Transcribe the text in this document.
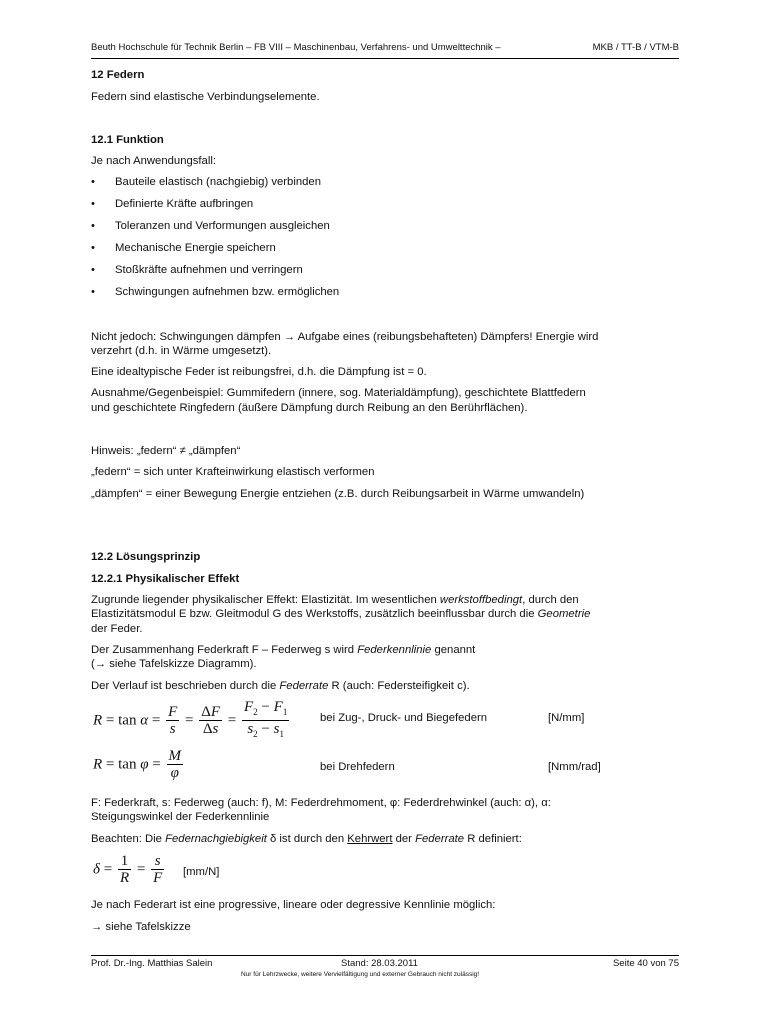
Beuth Hochschule für Technik Berlin – FB VIII – Maschinenbau, Verfahrens- und Umwelttechnik –	MKB / TT-B / VTM-B
12 Federn
Federn sind elastische Verbindungselemente.
12.1 Funktion
Je nach Anwendungsfall:
• Bauteile elastisch (nachgiebig) verbinden
• Definierte Kräfte aufbringen
• Toleranzen und Verformungen ausgleichen
• Mechanische Energie speichern
• Stoßkräfte aufnehmen und verringern
• Schwingungen aufnehmen bzw. ermöglichen
Nicht jedoch: Schwingungen dämpfen → Aufgabe eines (reibungsbehafteten) Dämpfers! Energie wird
verzehrt (d.h. in Wärme umgesetzt).
Eine idealtypische Feder ist reibungsfrei, d.h. die Dämpfung ist = 0.
Ausnahme/Gegenbeispiel: Gummifedern (innere, sog. Materialdämpfung), geschichtete Blattfedern
und geschichtete Ringfedern (äußere Dämpfung durch Reibung an den Berührflächen).
Hinweis: „federn“ ≠ „dämpfen“
„federn“ = sich unter Krafteinwirkung elastisch verformen
„dämpfen“ = einer Bewegung Energie entziehen (z.B. durch Reibungsarbeit in Wärme umwandeln)
12.2 Lösungsprinzip
12.2.1 Physikalischer Effekt
Zugrunde liegender physikalischer Effekt: Elastizität. Im wesentlichen werkstoffbedingt, durch den
Elastizitätsmodul E bzw. Gleitmodul G des Werkstoffs, zusätzlich beeinflussbar durch die Geometrie
der Feder.
Der Zusammenhang Federkraft F – Federweg s wird Federkennlinie genannt
(→ siehe Tafelskizze Diagramm).
Der Verlauf ist beschrieben durch die Federrate R (auch: Federsteifigkeit c).
$R = \tan \alpha = \frac{F}{s} = \frac{\Delta F}{\Delta s} = \frac{F_2 - F_1}{s_2 - s_1}$	bei Zug-, Druck- und Biegefedern	[N/mm]
$R = \tan \varphi = \frac{M}{\varphi}$	bei Drehfedern	[Nmm/rad]
F: Federkraft, s: Federweg (auch: f), M: Federdrehmoment, φ: Federdrehwinkel (auch: α), α:
Steigungswinkel der Federkennlinie
Beachten: Die Federnachgiebigkeit δ ist durch den Kehrwert der Federrate R definiert:
$\delta = \frac{1}{R} = \frac{s}{F} [mm/N]$
Je nach Federart ist eine progressive, lineare oder degressive Kennlinie möglich:
→ siehe Tafelskizze
Prof. Dr.-Ing. Matthias Salein	Stand: 28.03.2011	Seite 40 von 75
Nur für Lehrzwecke, weitere Vervielfältigung und externer Gebrauch nicht zulässig!
